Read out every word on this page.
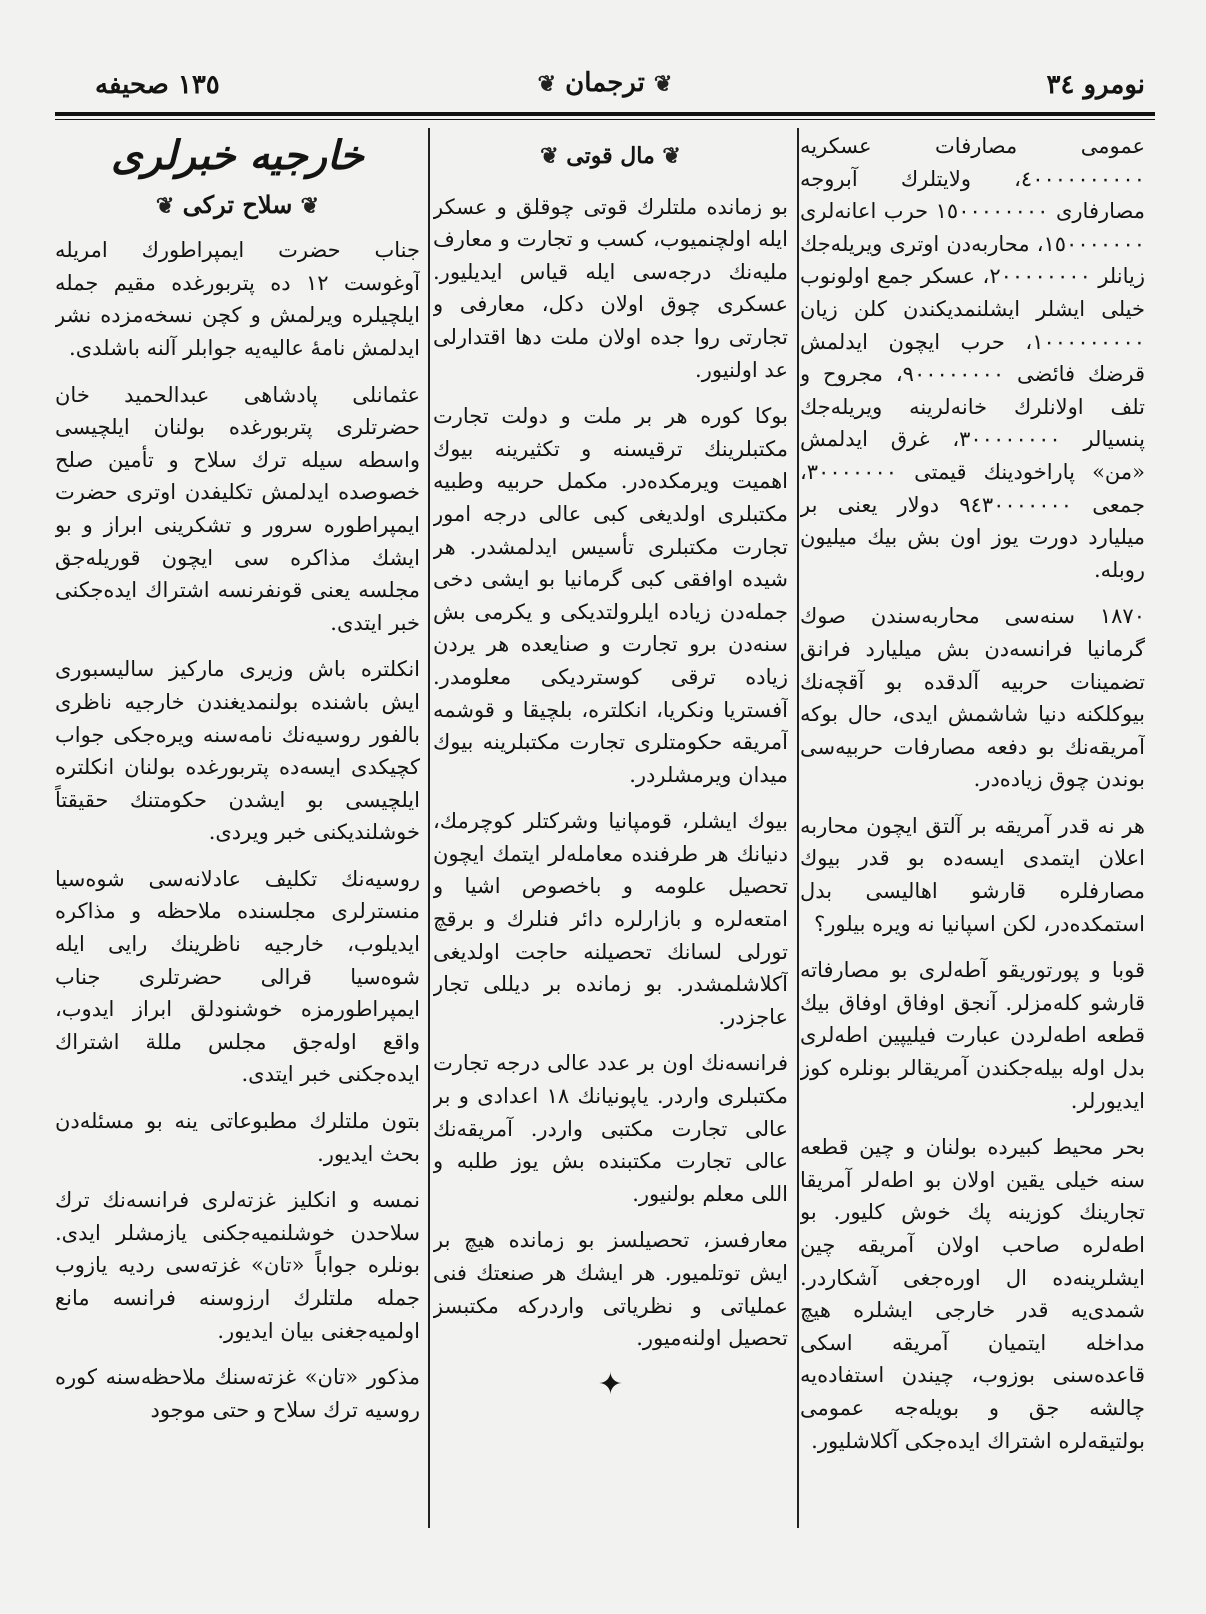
نومرو ٣٤
❦ ترجمان ❦
١٣٥ صحيفه

عمومی مصارفات عسكریه ٤٠٠٠٠٠٠٠٠٠٠، ولایتلرك آبروجه مصارفاری ١٥٠٠٠٠٠٠٠٠ حرب اعانه‌لری ١٥٠٠٠٠٠٠٠، محاربه‌دن اوتری ویریله‌جك زیانلر ٢٠٠٠٠٠٠٠٠، عسكر جمع اولونوب خیلی ایشلر ایشلنمدیكندن كلن زیان ١٠٠٠٠٠٠٠٠٠، حرب ایچون ایدلمش قرضك فائضی ٩٠٠٠٠٠٠٠٠، مجروح و تلف اولانلرك خانه‌لرینه ویریله‌جك پنسیالر ٣٠٠٠٠٠٠٠٠، غرق ایدلمش «من» پاراخودینك قیمتی ٣٠٠٠٠٠٠٠، جمعی ٩٤٣٠٠٠٠٠٠٠ دولار یعنی بر میلیارد دورت یوز اون بش بیك میلیون روبله.

١٨٧٠ سنه‌سی محاربه‌سندن صوك گرمانیا فرانسه‌دن بش میلیارد فرانق تضمینات حربیه آلدقده بو آقچه‌نك بیوكلكنه دنیا شاشمش ایدی، حال بوكه آمریقه‌نك بو دفعه مصارفات حربیه‌سی بوندن چوق زیاده‌در.

هر نه قدر آمریقه بر آلتق ایچون محاربه اعلان ایتمدی ایسه‌ده بو قدر بیوك مصارفلره قارشو اهالیسی بدل استمكده‌در، لكن اسپانیا نه ویره بیلور؟

قوبا و پورتوریقو آطه‌لری بو مصارفاته قارشو كله‌مزلر. آنجق اوفاق اوفاق بیك قطعه اطه‌لردن عبارت فیلیپین اطه‌لری بدل اوله بیله‌جكندن آمریقالر بونلره كوز ایدیورلر.

بحر محیط كبیرده بولنان و چین قطعه سنه خیلی یقین اولان بو اطه‌لر آمریقا تجارینك كوزینه پك خوش كلیور. بو اطه‌لره صاحب اولان آمریقه چین ایشلرینه‌ده ال اوره‌جغی آشكاردر. شمدی‌یه قدر خارجی ایشلره هیچ مداخله ایتمیان آمریقه اسكی قاعده‌سنی بوزوب، چیندن استفاده‌یه چالشه جق و بویله‌جه عمومی بولتیقه‌لره اشتراك ایده‌جكی آكلاشلیور.

❦ مال قوتی ❦

بو زمانده ملتلرك قوتی چوقلق و عسكر ایله اولچنمیوب، كسب و تجارت و معارف ملیه‌نك درجه‌سی ایله قیاس ایدیلیور. عسكری چوق اولان دكل، معارفی و تجارتی روا جده اولان ملت دها اقتدارلی عد اولنیور.

بوكا كوره هر بر ملت و دولت تجارت مكتبلرینك ترقیسنه و تكثیرینه بیوك اهمیت ویرمكده‌در. مكمل حربیه وطبیه مكتبلری اولدیغی كبی عالی درجه امور تجارت مكتبلری تأسیس ایدلمشدر. هر شیده اوافقی كبی گرمانیا بو ایشی دخی جمله‌دن زیاده ایلرولتدیكی و یكرمی بش سنه‌دن برو تجارت و صنایعده هر یردن زیاده ترقی كوستردیكی معلومدر. آفستریا ونكریا، انكلتره، بلچیقا و قوشمه آمریقه حكومتلری تجارت مكتبلرینه بیوك میدان ویرمشلردر.

بیوك ایشلر، قومپانیا وشركتلر كوچرمك، دنیانك هر طرفنده معامله‌لر ایتمك ایچون تحصیل علومه و باخصوص اشیا و امتعه‌لره و بازارلره دائر فنلرك و برقچ تورلی لسانك تحصیلنه حاجت اولدیغی آكلاشلمشدر. بو زمانده بر دیللی تجار عاجزدر.

فرانسه‌نك اون بر عدد عالی درجه تجارت مكتبلری واردر. یاپونیانك ١٨ اعدادی و بر عالی تجارت مكتبی واردر. آمریقه‌نك عالی تجارت مكتبنده بش یوز طلبه و اللی معلم بولنیور.

معارفسز، تحصیلسز بو زمانده هیچ بر ایش توتلمیور. هر ایشك هر صنعتك فنی عملیاتی و نظریاتی واردركه مكتبسز تحصیل اولنه‌میور.

✦
خارجیه خبرلری
❦ سلاح تركی ❦

جناب حضرت ایمپراطورك امریله آوغوست ١٢ ده پتربورغده مقیم جمله ایلچیلره ویرلمش و كچن نسخه‌مزده نشر ایدلمش نامهٔ عالیه‌یه جوابلر آلنه باشلدی.

عثمانلی پادشاهی عبدالحمید خان حضرتلری پتربورغده بولنان ایلچیسی واسطه سیله ترك سلاح و تأمین صلح خصوصده ایدلمش تكلیفدن اوتری حضرت ایمپراطوره سرور و تشكرینی ابراز و بو ایشك مذاكره سی ایچون قوریله‌جق مجلسه یعنی قونفرنسه اشتراك ایده‌جكنی خبر ایتدی.

انكلتره باش وزیری ماركیز سالیسبوری ایش باشنده بولنمدیغندن خارجیه ناظری بالفور روسیه‌نك نامه‌سنه ویره‌جكی جواب كچیكدی ایسه‌ده پتربورغده بولنان انكلتره ایلچیسی بو ایشدن حكومتنك حقیقتاً خوشلندیكنی خبر ویردی.

روسیه‌نك تكلیف عادلانه‌سی شوه‌سیا منسترلری مجلسنده ملاحظه و مذاكره ایدیلوب، خارجیه ناظرینك رایی ایله شوه‌سیا قرالی حضرتلری جناب ایمپراطورمزه خوشنودلق ابراز ایدوب، واقع اوله‌جق مجلس مللة اشتراك ایده‌جكنی خبر ایتدی.

بتون ملتلرك مطبوعاتی ینه بو مسئله‌دن بحث ایدیور.

نمسه و انكلیز غزته‌لری فرانسه‌نك ترك سلاحدن خوشلنمیه‌جكنی یازمشلر ایدی. بونلره جواباً «تان» غزته‌سی ردیه یازوب جمله ملتلرك ارزوسنه فرانسه مانع اولمیه‌جغنی بیان ایدیور.

مذكور «تان» غزته‌سنك ملاحظه‌سنه كوره روسیه ترك سلاح و حتی موجود
